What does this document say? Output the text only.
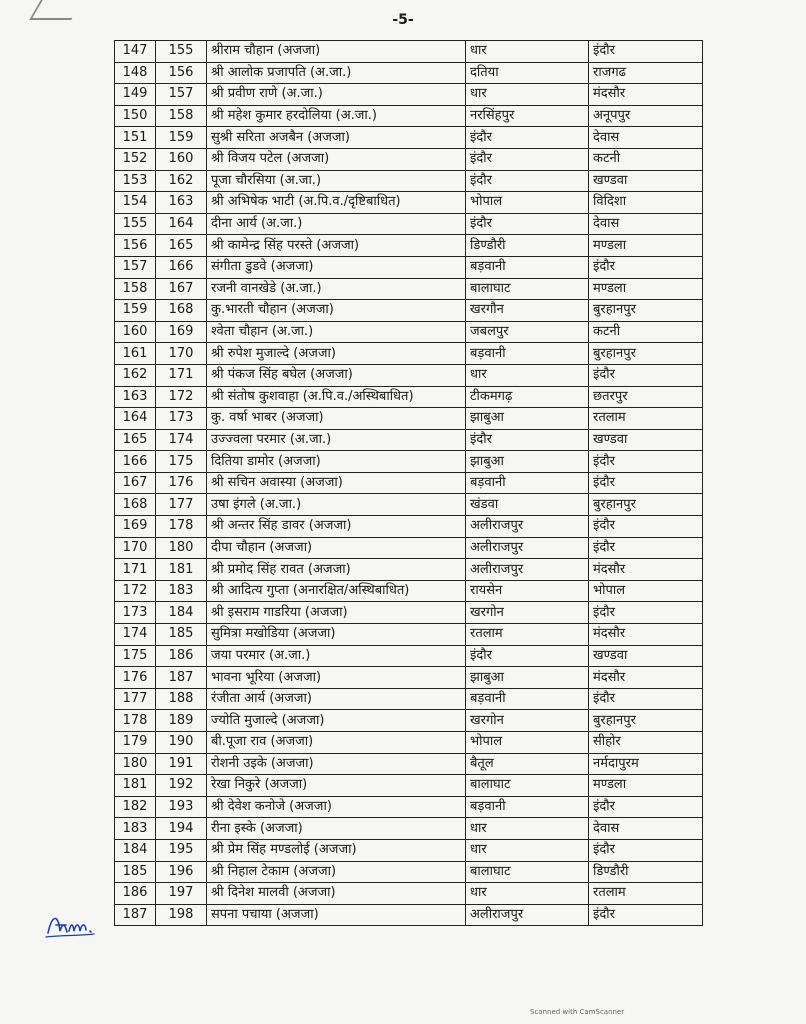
-5-
147	155	श्रीराम चौहान (अजजा)	धार	इंदौर
148	156	श्री आलोक प्रजापति (अ.जा.)	दतिया	राजगढ
149	157	श्री प्रवीण राणे (अ.जा.)	धार	मंदसौर
150	158	श्री महेश कुमार हरदोलिया (अ.जा.)	नरसिंहपुर	अनूपपुर
151	159	सुश्री सरिता अजबैन (अजजा)	इंदौर	देवास
152	160	श्री विजय पटेल (अजजा)	इंदौर	कटनी
153	162	पूजा चौरसिया (अ.जा.)	इंदौर	खण्डवा
154	163	श्री अभिषेक भाटी (अ.पि.व./दृष्टिबाधित)	भोपाल	विदिशा
155	164	दीना आर्य (अ.जा.)	इंदौर	देवास
156	165	श्री कामेन्द्र सिंह परस्ते (अजजा)	डिण्डौरी	मण्डला
157	166	संगीता डुडवे (अजजा)	बड़वानी	इंदौर
158	167	रजनी वानखेडे (अ.जा.)	बालाघाट	मण्डला
159	168	कु.भारती चौहान (अजजा)	खरगौन	बुरहानपुर
160	169	श्वेता चौहान (अ.जा.)	जबलपुर	कटनी
161	170	श्री रुपेश मुजाल्दे (अजजा)	बड़वानी	बुरहानपुर
162	171	श्री पंकज सिंह बघेल (अजजा)	धार	इंदौर
163	172	श्री संतोष कुशवाहा (अ.पि.व./अस्थिबाधित)	टीकमगढ़	छतरपुर
164	173	कु. वर्षा भाबर (अजजा)	झाबुआ	रतलाम
165	174	उज्ज्वला परमार (अ.जा.)	इंदौर	खण्डवा
166	175	दितिया डामोर (अजजा)	झाबुआ	इंदौर
167	176	श्री सचिन अवास्या (अजजा)	बड़वानी	इंदौर
168	177	उषा इंगले (अ.जा.)	खंडवा	बुरहानपुर
169	178	श्री अन्तर सिंह डावर (अजजा)	अलीराजपुर	इंदौर
170	180	दीपा चौहान (अजजा)	अलीराजपुर	इंदौर
171	181	श्री प्रमोद सिंह रावत (अजजा)	अलीराजपुर	मंदसौर
172	183	श्री आदित्य गुप्ता (अनारक्षित/अस्थिबाधित)	रायसेन	भोपाल
173	184	श्री इसराम गाडरिया (अजजा)	खरगोन	इंदौर
174	185	सुमित्रा मखोडिया (अजजा)	रतलाम	मंदसौर
175	186	जया परमार (अ.जा.)	इंदौर	खण्डवा
176	187	भावना भूरिया (अजजा)	झाबुआ	मंदसौर
177	188	रंजीता आर्य (अजजा)	बड़वानी	इंदौर
178	189	ज्योति मुजाल्दे (अजजा)	खरगोन	बुरहानपुर
179	190	बी.पूजा राव (अजजा)	भोपाल	सीहोर
180	191	रोशनी उइके (अजजा)	बैतूल	नर्मदापुरम
181	192	रेखा निकुरे (अजजा)	बालाघाट	मण्डला
182	193	श्री देवेश कनोजे (अजजा)	बड़वानी	इंदौर
183	194	रीना इस्के (अजजा)	धार	देवास
184	195	श्री प्रेम सिंह मण्डलोई (अजजा)	धार	इंदौर
185	196	श्री निहाल टेकाम (अजजा)	बालाघाट	डिण्डौरी
186	197	श्री दिनेश मालवी (अजजा)	धार	रतलाम
187	198	सपना पचाया (अजजा)	अलीराजपुर	इंदौर
Scanned with CamScanner
